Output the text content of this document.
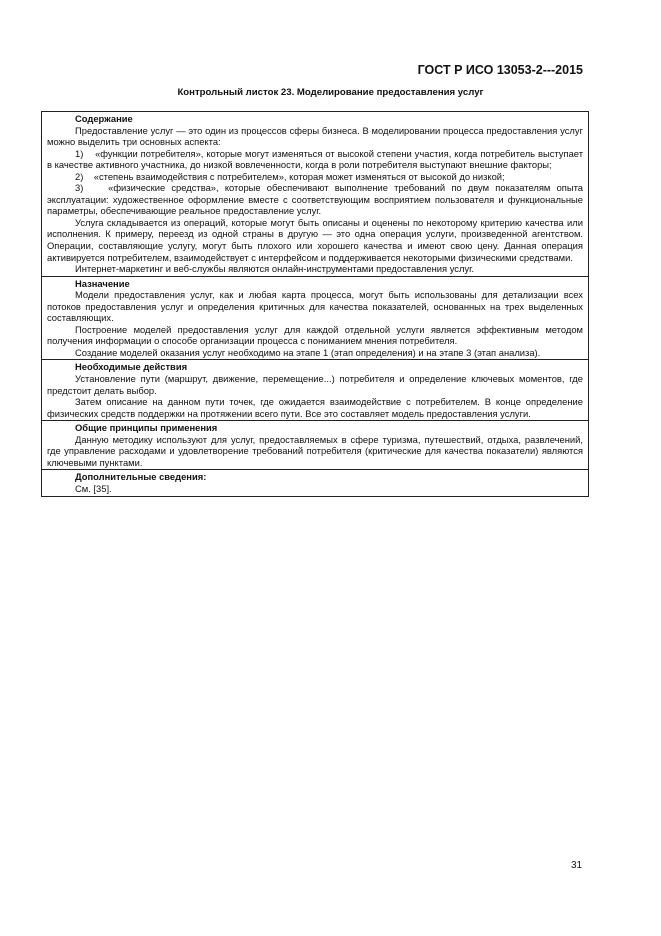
ГОСТ Р ИСО 13053-2---2015
Контрольный листок 23. Моделирование предоставления услуг
Содержание

Предоставление услуг — это один из процессов сферы бизнеса. В моделировании процесса предоставления услуг можно выделить три основных аспекта:

1)    «функции потребителя», которые могут изменяться от высокой степени участия, когда потребитель выступает в качестве активного участника, до низкой вовлеченности, когда в роли потребителя выступают внешние факторы;

2)    «степень взаимодействия с потребителем», которая может изменяться от высокой до низкой;

3)    «физические средства», которые обеспечивают выполнение требований по двум показателям опыта эксплуатации: художественное оформление вместе с соответствующим восприятием пользователя и функциональные параметры, обеспечивающие реальное предоставление услуг.

Услуга складывается из операций, которые могут быть описаны и оценены по некоторому критерию качества или исполнения. К примеру, переезд из одной страны в другую — это одна операция услуги, произведенной агентством. Операции, составляющие услугу, могут быть плохого или хорошего качества и имеют свою цену. Данная операция активируется потребителем, взаимодействует с интерфейсом и поддерживается некоторыми физическими средствами.

Интернет-маркетинг и веб-службы являются онлайн-инструментами предоставления услуг.

Назначение

Модели предоставления услуг, как и любая карта процесса, могут быть использованы для детализации всех потоков предоставления услуг и определения критичных для качества показателей, основанных на трех выделенных составляющих.

Построение моделей предоставления услуг для каждой отдельной услуги является эффективным методом получения информации о способе организации процесса с пониманием мнения потребителя.

Создание моделей оказания услуг необходимо на этапе 1 (этап определения) и на этапе 3 (этап анализа).

Необходимые действия

Установление пути (маршрут, движение, перемещение...) потребителя и определение ключевых моментов, где предстоит делать выбор.

Затем описание на данном пути точек, где ожидается взаимодействие с потребителем. В конце определение физических средств поддержки на протяжении всего пути. Все это составляет модель предоставления услуги.

Общие принципы применения

Данную методику используют для услуг, предоставляемых в сфере туризма, путешествий, отдыха, развлечений, где управление расходами и удовлетворение требований потребителя (критические для качества показатели) являются ключевыми пунктами.

Дополнительные сведения:

См. [35].

31
